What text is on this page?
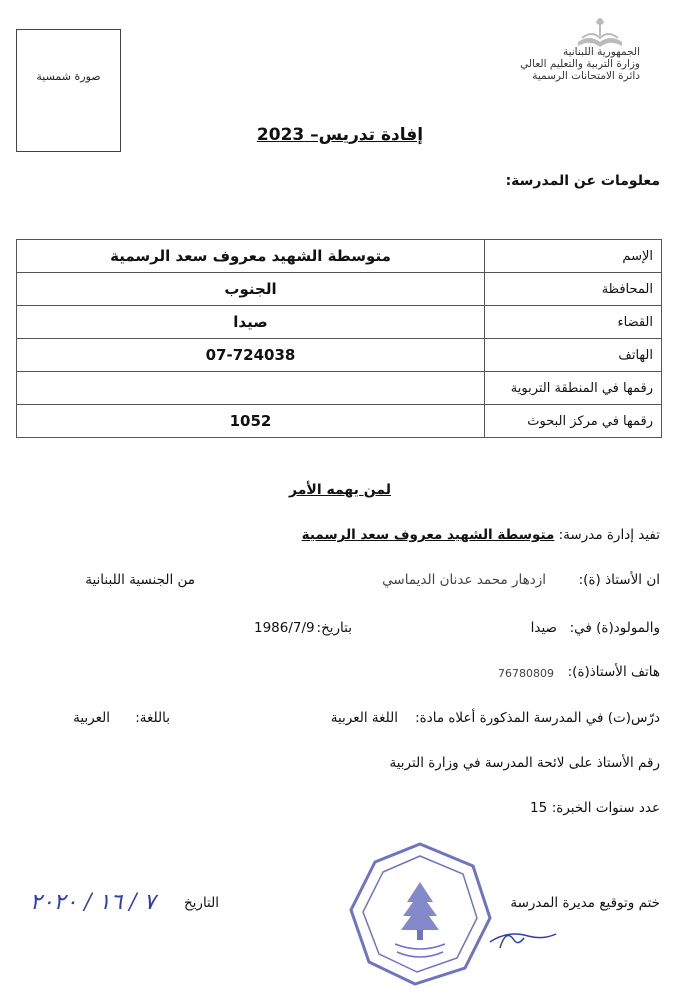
صورة شمسية
الجمهورية اللبنانية
وزارة التربية والتعليم العالي
دائرة الامتحانات الرسمية
إفادة تدريس– 2023
معلومات عن المدرسة:
الإسم	متوسطة الشهيد معروف سعد الرسمية
المحافظة	الجنوب
القضاء	صيدا
الهاتف	07-724038
رقمها في المنطقة التربوية	
رقمها في مركز البحوث	1052
لمن يهمه الأمر
تفيد إدارة مدرسة: متوسطة الشهيد معروف سعد الرسمية
ان الأستاذ (ة):
ازدهار محمد عدنان الديماسي
من الجنسية اللبنانية
والمولود(ة) في:
صيدا
بتاريخ:
1986/7/9
هاتف الأستاذ(ة):
76780809
درّس(ت) في المدرسة المذكورة أعلاه مادة:
اللغة العربية
باللغة:
العربية
رقم الأستاذ على لائحة المدرسة في وزارة التربية
عدد سنوات الخبرة:
15
ختم وتوقيع مديرة المدرسة
التاريخ
٧ / ١٦ / ٢٠٢٠
